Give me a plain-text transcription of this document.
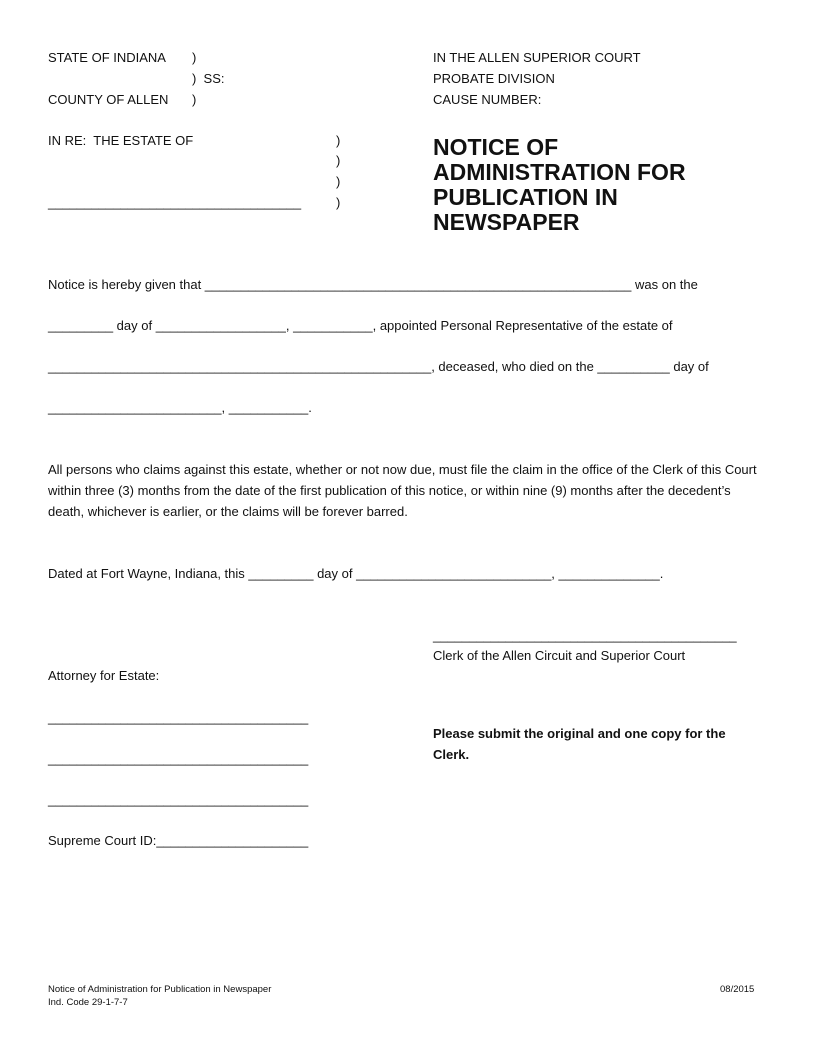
STATE OF INDIANA )
)  SS:
COUNTY OF ALLEN )
IN THE ALLEN SUPERIOR COURT
PROBATE DIVISION
CAUSE NUMBER:
IN RE:  THE ESTATE OF	)
)
)
___________________________________	)
NOTICE OF
ADMINISTRATION FOR
PUBLICATION IN
NEWSPAPER
Notice is hereby given that ___________________________________________________________ was on the
_________ day of __________________, ___________, appointed Personal Representative of the estate of
_____________________________________________________, deceased, who died on the __________ day of
________________________, ___________.
All persons who claims against this estate, whether or not now due, must file the claim in the office of the Clerk of this Court within three (3) months from the date of the first publication of this notice, or within nine (9) months after the decedent’s death, whichever is earlier, or the claims will be forever barred.
Dated at Fort Wayne, Indiana, this _________ day of ___________________________, ______________.
__________________________________________
Clerk of the Allen Circuit and Superior Court
Attorney for Estate:
____________________________________
____________________________________
____________________________________
Supreme Court ID:_____________________
Please submit the original and one copy for the Clerk.
Notice of Administration for Publication in Newspaper
Ind. Code 29-1-7-7
08/2015
